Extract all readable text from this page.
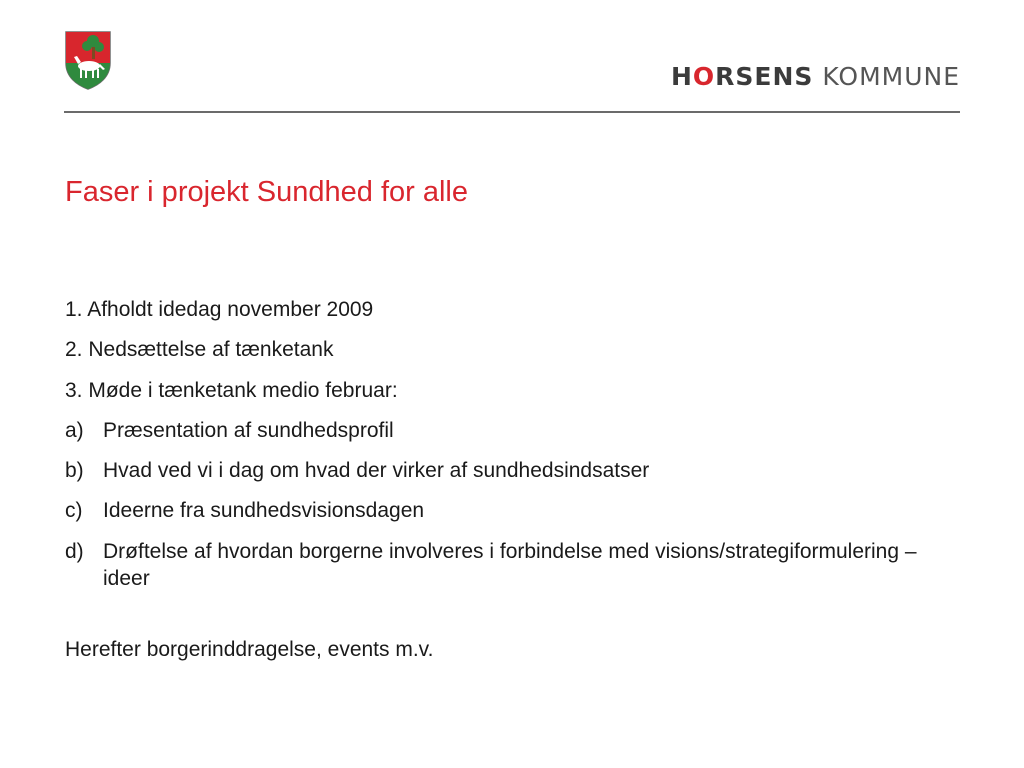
HORSENS KOMMUNE
Faser i projekt Sundhed for alle
1. Afholdt idedag november 2009
2. Nedsættelse af tænketank
3. Møde i tænketank medio februar:
a) Præsentation af sundhedsprofil
b) Hvad ved vi i dag om hvad der virker af sundhedsindsatser
c) Ideerne fra sundhedsvisionsdagen
d) Drøftelse af hvordan borgerne involveres i forbindelse med visions/strategiformulering – ideer
Herefter borgerinddragelse, events m.v.
